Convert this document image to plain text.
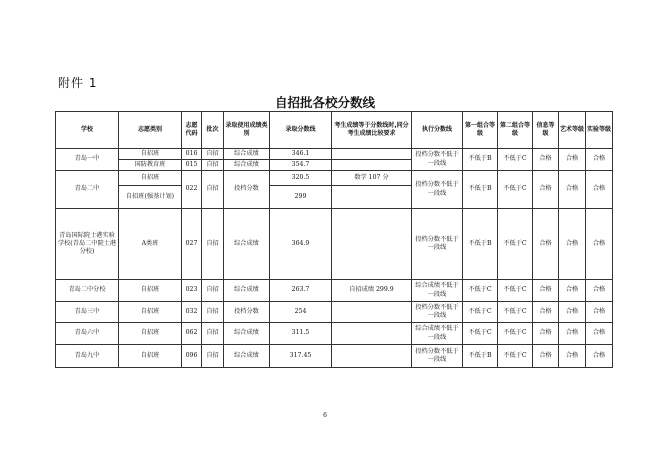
附件 1
自招批各校分数线
学校	志愿类别	志愿代码	批次	录取使用成绩类别	录取分数线	考生成绩等于分数线时,同分考生成绩比较要求	执行分数线	第一组合等级	第二组合等级	信息等级	艺术等级	实验等级
青岛一中	自招班	016	自招	综合成绩	346.1		投档分数不低于一段线	不低于B	不低于C	合格	合格	合格
	国防教育班	015	自招	综合成绩	354.7							
青岛二中	自招班	022	自招	投档分数	320.5	数学 107 分	投档分数不低于一段线	不低于B	不低于C	合格	合格	合格
	自招班(强基计划)				299							
青岛国际院士港实验学校(青岛二中院士港分校)	A类班	027	自招	综合成绩	364.9		投档分数不低于一段线	不低于B	不低于C	合格	合格	合格
青岛二中分校	自招班	023	自招	综合成绩	263.7	自招成绩 299.9	综合成绩不低于一段线	不低于C	不低于C	合格	合格	合格
青岛三中	自招班	032	自招	投档分数	254		投档分数不低于一段线	不低于C	不低于C	合格	合格	合格
青岛六中	自招班	062	自招	综合成绩	311.5		综合成绩不低于一段线	不低于C	不低于C	合格	合格	合格
青岛九中	自招班	096	自招	综合成绩	317.45		投档分数不低于一段线	不低于B	不低于C	合格	合格	合格
6
